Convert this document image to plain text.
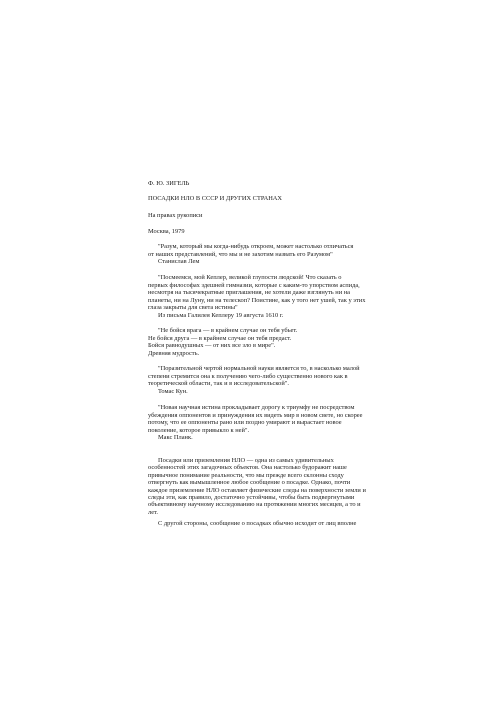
Ф. Ю. ЗИГЕЛЬ

ПОСАДКИ НЛО В СССР И ДРУГИХ СТРАНАХ

На правах рукописи

Москва, 1979

"Разум, который мы когда-нибудь откроем, может настолько отличаться

от наших представлений, что мы и не захотим назвать его Разумом"

Станислав Лем

"Посмеемся, мой Кеплер, великой глупости людской! Что сказать о

первых философах здешней гимназии, которые с каким-то упорством аспида,

несмотря на тысячекратные приглашения, не хотели даже взглянуть ни на

планеты, ни на Луну, ни на телескоп? Поистине, как у того нет ушей, так у этих

глаза закрыты для света истины"

Из письма Галилея Кеплеру 19 августа 1610 г.

"Не бойся врага — в крайнем случае он тебя убьет.

Не бойся друга — в крайнем случае он тебя предаст.

Бойся равнодушных — от них все зло в мире".

Древняя мудрость.

"Поразительной чертой нормальной науки является то, в насколько малой

степени стремится она к получению чего-либо существенно нового как в

теоретической области, так и в исследовательской".

Томас Кун.

"Новая научная истина прокладывает дорогу к триумфу не посредством

убеждения оппонентов и принуждения их видеть мир в новом свете, но скорее

потому, что ее оппоненты рано или поздно умирают и вырастает новое

поколение, которое привыкло к ней".

Макс Планк.

Посадки или приземления НЛО — одна из самых удивительных

особенностей этих загадочных объектов. Она настолько будоражит наше

привычное понимание реальности, что мы прежде всего склонны сходу

отвергнуть как вымышленное любое сообщение о посадке. Однако, почти

каждое приземление НЛО оставляет физические следы на поверхности земли и

следы эти, как правило, достаточно устойчивы, чтобы быть подвергнутыми

объективному научному исследованию на протяжении многих месяцев, а то и

лет.

С другой стороны, сообщение о посадках обычно исходит от лиц вполне
